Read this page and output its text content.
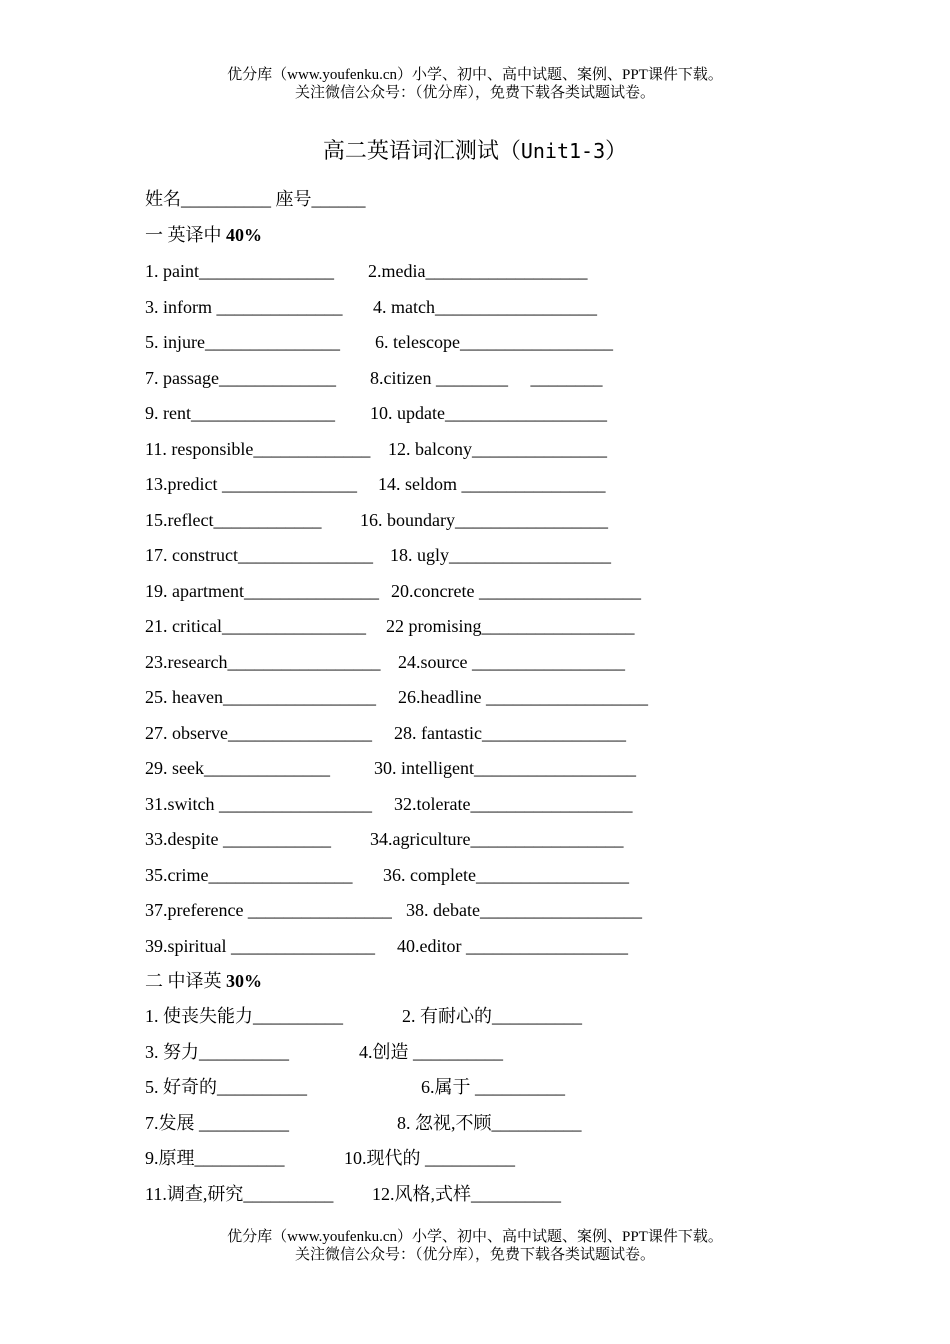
优分库（www.youfenku.cn）小学、初中、高中试题、案例、PPT课件下载。
关注微信公众号：（优分库），免费下载各类试题试卷。
高二英语词汇测试（Unit1-3）
姓名__________ 座号______
一 英译中 40%
1. paint_______________ 2.media__________________
3. inform ______________ 4. match__________________
5. injure_______________ 6. telescope_________________
7. passage_____________ 8.citizen ________     ________
9. rent________________ 10. update__________________
11. responsible_____________ 12. balcony_______________
13.predict _______________ 14. seldom ________________
15.reflect____________ 16. boundary_________________
17. construct_______________ 18. ugly__________________
19. apartment_______________ 20.concrete __________________
21. critical________________ 22 promising_________________
23.research_________________ 24.source _________________
25. heaven_________________ 26.headline __________________
27. observe________________ 28. fantastic________________
29. seek______________ 30. intelligent__________________
31.switch _________________ 32.tolerate__________________
33.despite ____________ 34.agriculture_________________
35.crime________________ 36. complete_________________
37.preference ________________ 38. debate__________________
39.spiritual ________________ 40.editor __________________
二 中译英 30%
1. 使丧失能力__________	2. 有耐心的__________
3. 努力__________	4.创造 __________
5. 好奇的__________	6.属于 __________
7.发展 __________	8. 忽视,不顾__________
9.原理__________	10.现代的 __________
11.调查,研究__________ 12.风格,式样__________
优分库（www.youfenku.cn）小学、初中、高中试题、案例、PPT课件下载。
关注微信公众号：（优分库），免费下载各类试题试卷。
